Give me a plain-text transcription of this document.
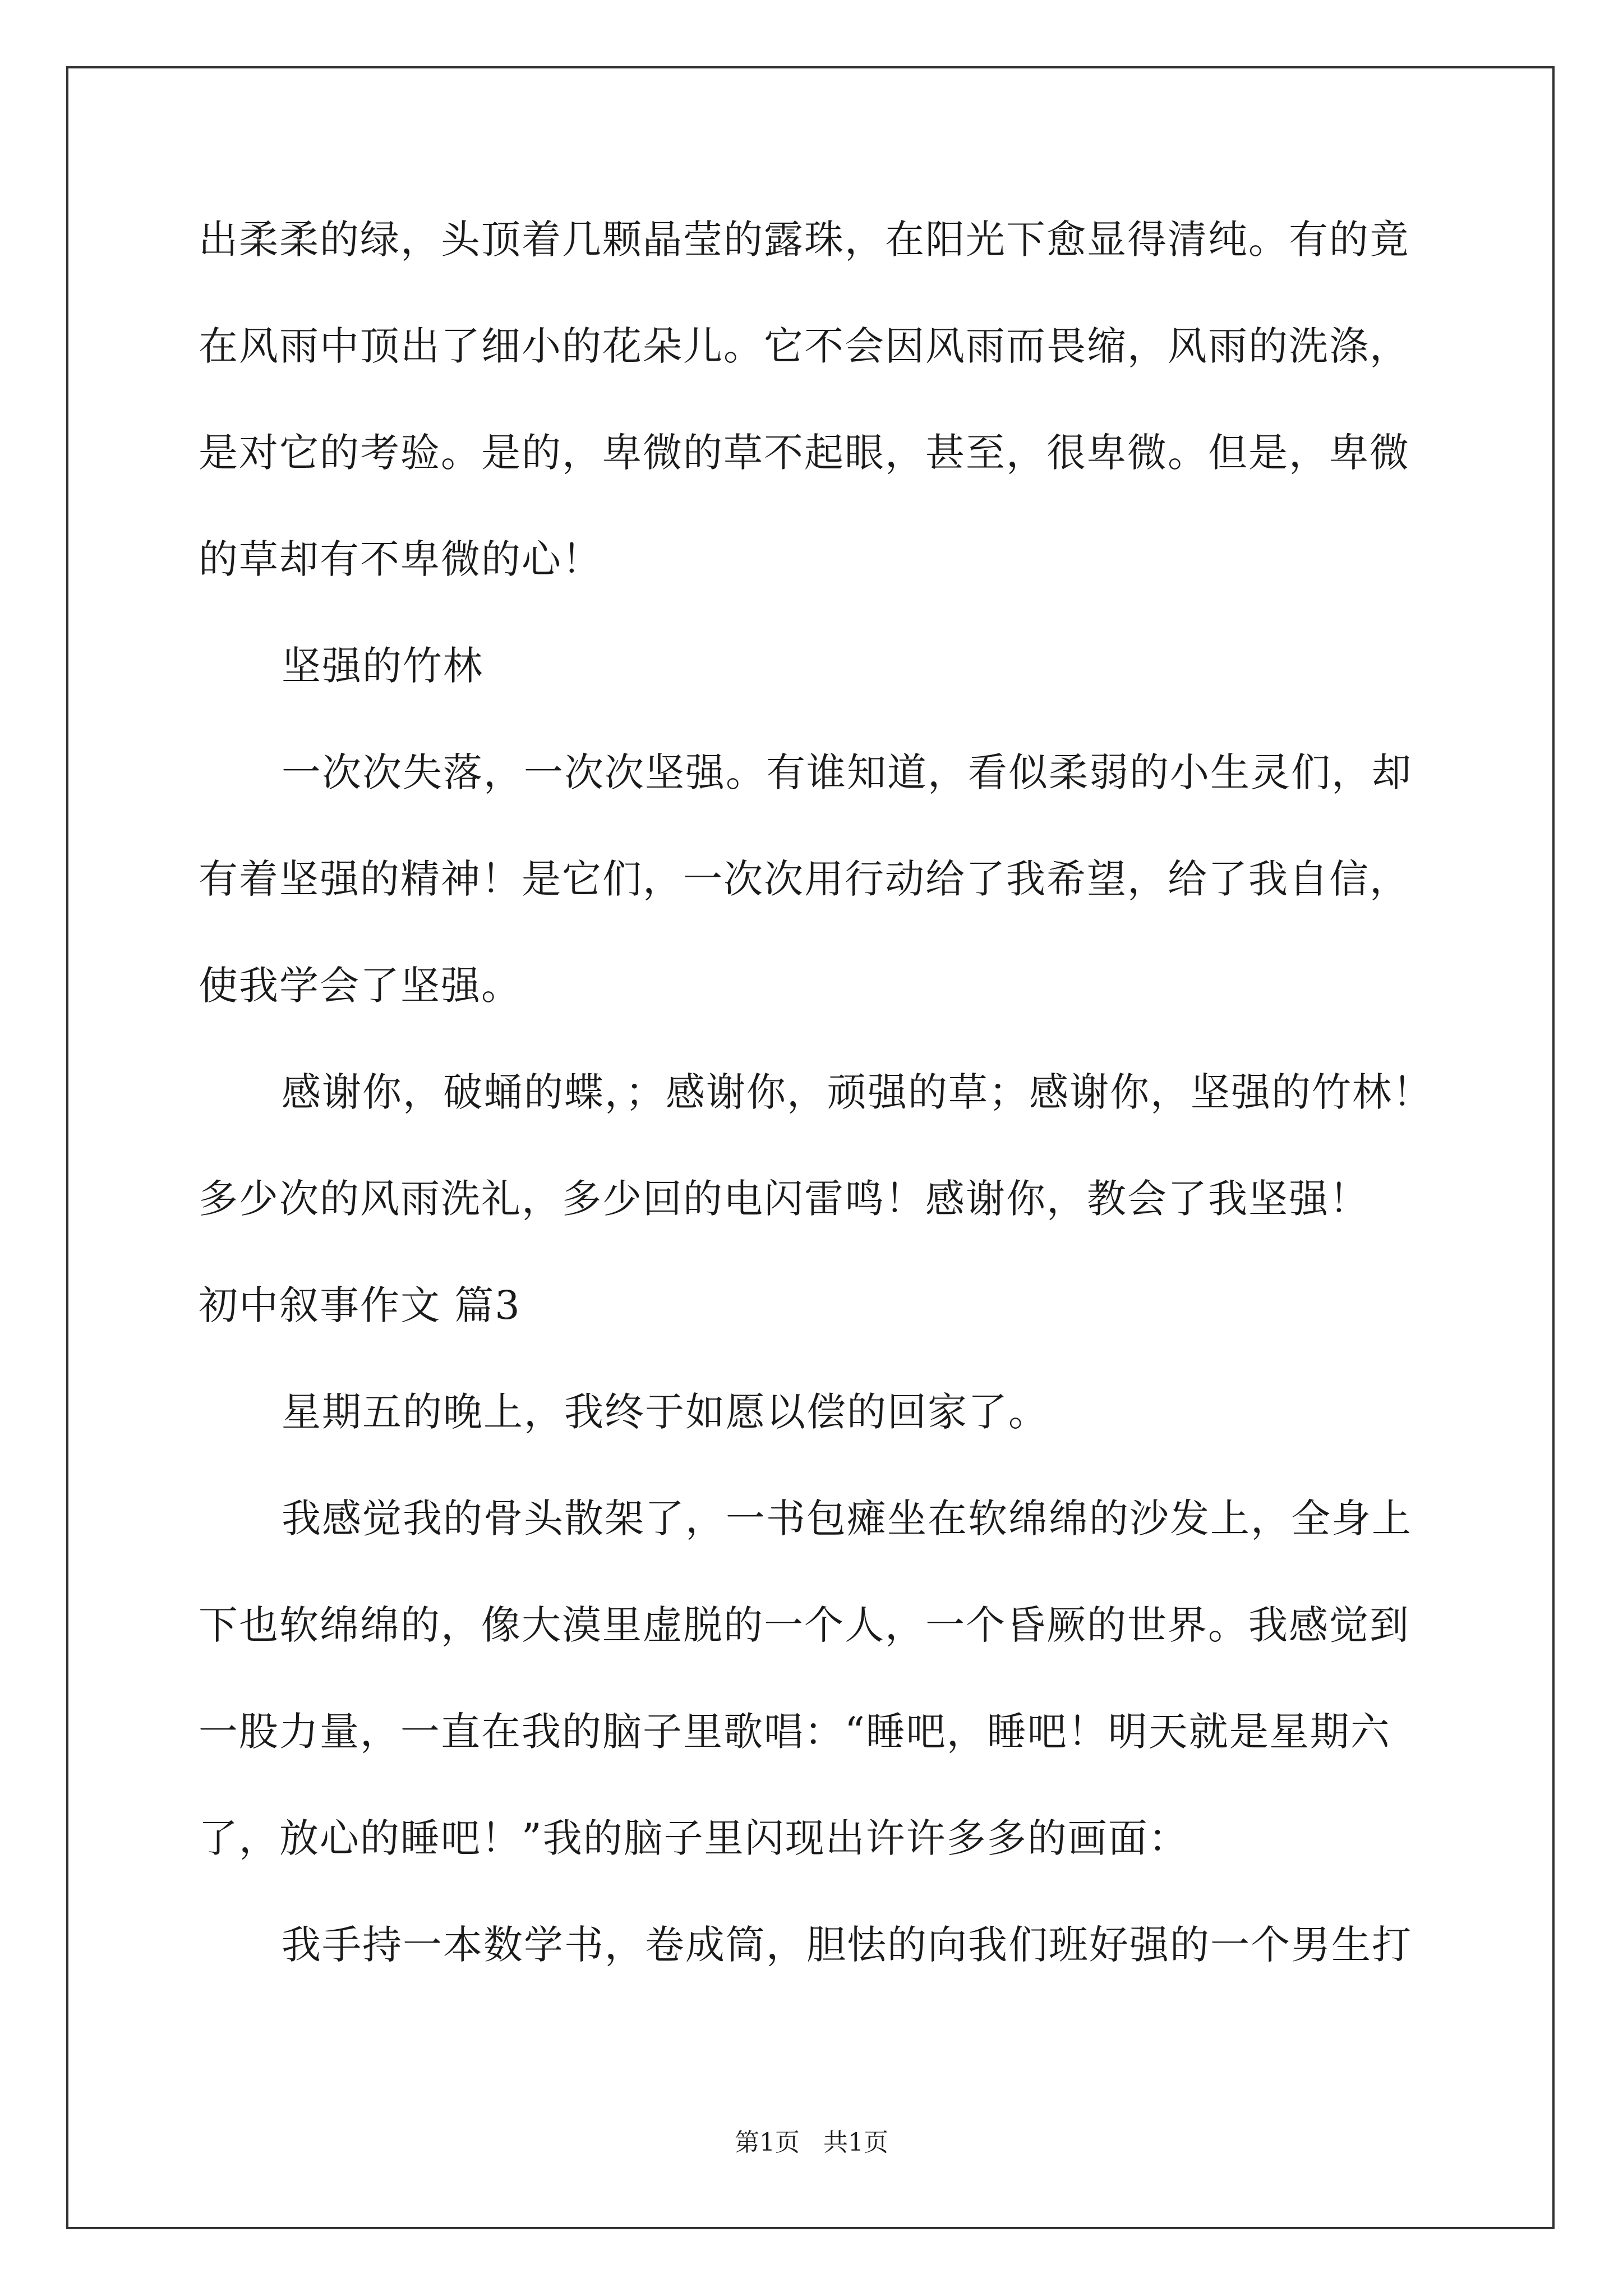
出柔柔的绿，头顶着几颗晶莹的露珠，在阳光下愈显得清纯。有的竟
在风雨中顶出了细小的花朵儿。它不会因风雨而畏缩，风雨的洗涤，
是对它的考验。是的，卑微的草不起眼，甚至，很卑微。但是，卑微
的草却有不卑微的心！
坚强的竹林
一次次失落，一次次坚强。有谁知道，看似柔弱的小生灵们，却
有着坚强的精神！是它们，一次次用行动给了我希望，给了我自信，
使我学会了坚强。
感谢你，破蛹的蝶，；感谢你，顽强的草；感谢你，坚强的竹林！
多少次的风雨洗礼，多少回的电闪雷鸣！感谢你，教会了我坚强！
初中叙事作文 篇3
星期五的晚上，我终于如愿以偿的回家了。
我感觉我的骨头散架了，一书包瘫坐在软绵绵的沙发上，全身上
下也软绵绵的，像大漠里虚脱的一个人，一个昏厥的世界。我感觉到
一股力量，一直在我的脑子里歌唱：“睡吧，睡吧！明天就是星期六
了，放心的睡吧！”我的脑子里闪现出许许多多的画面：
我手持一本数学书，卷成筒，胆怯的向我们班好强的一个男生打
第1页 共1页
